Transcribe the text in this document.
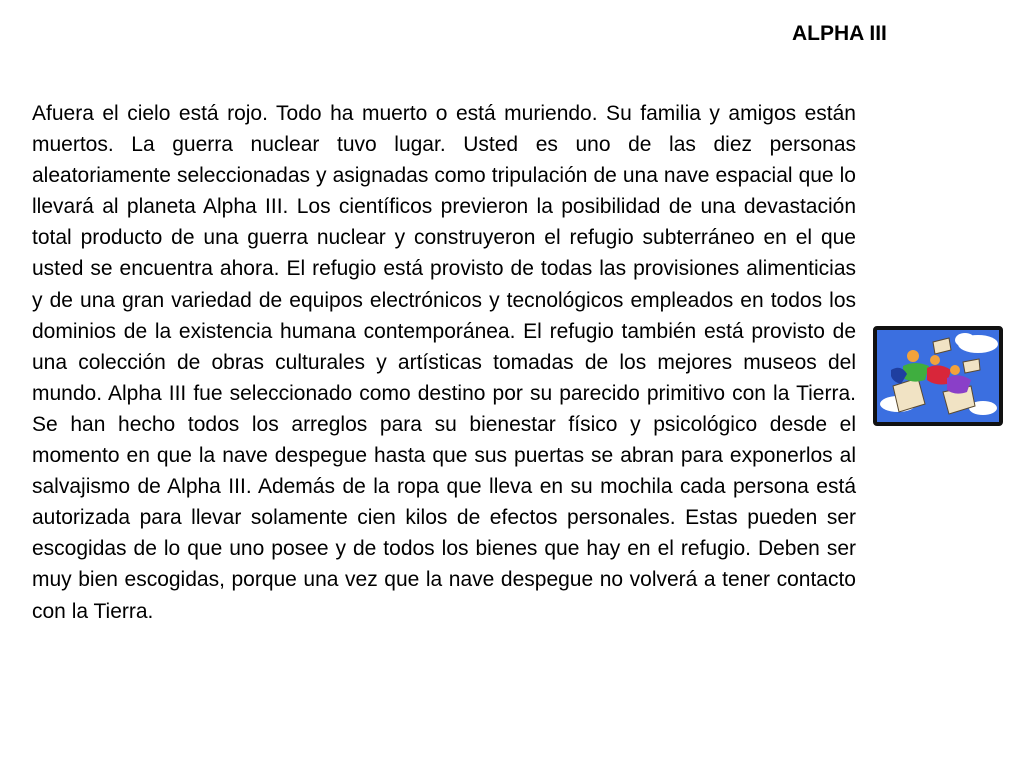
ALPHA III

Afuera el cielo está rojo. Todo ha muerto o está muriendo. Su familia y amigos están muertos. La guerra nuclear tuvo lugar. Usted es uno de las diez personas aleatoriamente seleccionadas y asignadas como tripulación de una nave espacial que lo llevará al planeta Alpha III. Los científicos previeron la posibilidad de una devastación total producto de una guerra nuclear y construyeron el refugio subterráneo en el que usted se encuentra ahora. El refugio está provisto de todas las provisiones alimenticias y de una gran variedad de equipos electrónicos y tecnológicos empleados en todos los dominios de la existencia humana contemporánea. El refugio también está provisto de una colección de obras culturales y artísticas tomadas de los mejores museos del mundo. Alpha III fue seleccionado como destino por su parecido primitivo con la Tierra. Se han hecho todos los arreglos para su bienestar físico y psicológico desde el momento en que la nave despegue hasta que sus puertas se abran para exponerlos al salvajismo de Alpha III. Además de la ropa que lleva en su mochila cada persona está autorizada para llevar solamente cien kilos de efectos personales. Estas pueden ser escogidas de lo que uno posee y de todos los bienes que hay en el refugio. Deben ser muy bien escogidas, porque una vez que la nave despegue no volverá a tener contacto con la Tierra.
